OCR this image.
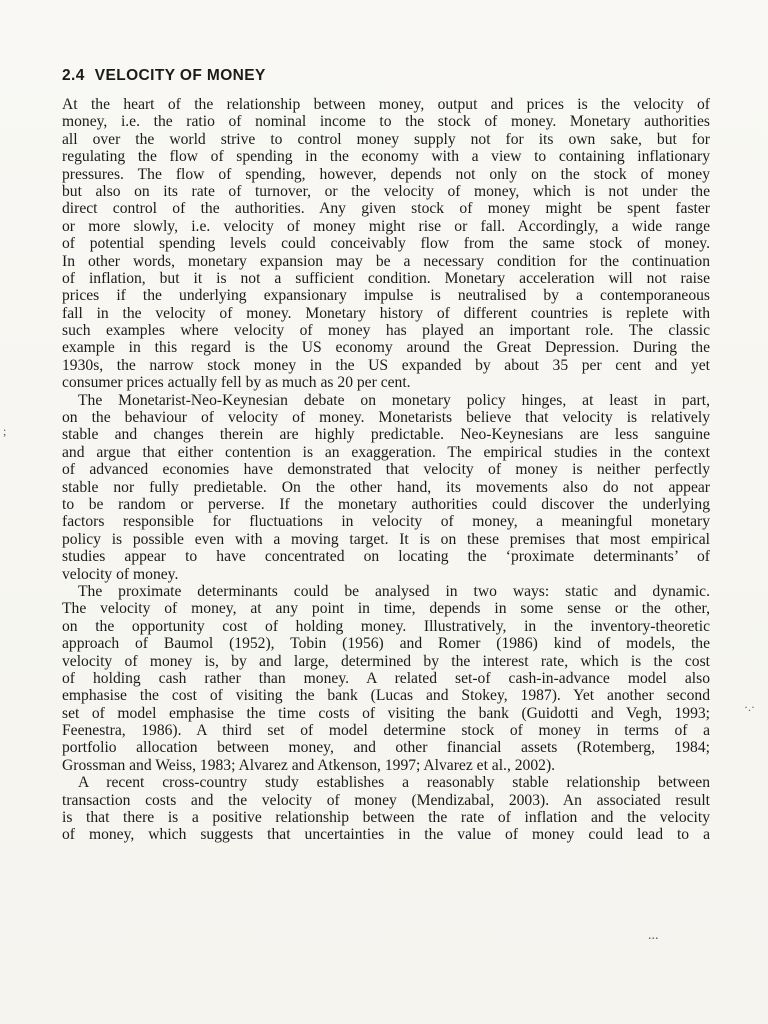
2.4 VELOCITY OF MONEY
At the heart of the relationship between money, output and prices is the velocity of
money, i.e. the ratio of nominal income to the stock of money. Monetary authorities
all over the world strive to control money supply not for its own sake, but for
regulating the flow of spending in the economy with a view to containing inflationary
pressures. The flow of spending, however, depends not only on the stock of money
but also on its rate of turnover, or the velocity of money, which is not under the
direct control of the authorities. Any given stock of money might be spent faster
or more slowly, i.e. velocity of money might rise or fall. Accordingly, a wide range
of potential spending levels could conceivably flow from the same stock of money.
In other words, monetary expansion may be a necessary condition for the continuation
of inflation, but it is not a sufficient condition. Monetary acceleration will not raise
prices if the underlying expansionary impulse is neutralised by a contemporaneous
fall in the velocity of money. Monetary history of different countries is replete with
such examples where velocity of money has played an important role. The classic
example in this regard is the US economy around the Great Depression. During the
1930s, the narrow stock money in the US expanded by about 35 per cent and yet
consumer prices actually fell by as much as 20 per cent.
The Monetarist-Neo-Keynesian debate on monetary policy hinges, at least in part,
on the behaviour of velocity of money. Monetarists believe that velocity is relatively
stable and changes therein are highly predictable. Neo-Keynesians are less sanguine
and argue that either contention is an exaggeration. The empirical studies in the context
of advanced economies have demonstrated that velocity of money is neither perfectly
stable nor fully predietable. On the other hand, its movements also do not appear
to be random or perverse. If the monetary authorities could discover the underlying
factors responsible for fluctuations in velocity of money, a meaningful monetary
policy is possible even with a moving target. It is on these premises that most empirical
studies appear to have concentrated on locating the ‘proximate determinants’ of
velocity of money.
The proximate determinants could be analysed in two ways: static and dynamic.
The velocity of money, at any point in time, depends in some sense or the other,
on the opportunity cost of holding money. Illustratively, in the inventory-theoretic
approach of Baumol (1952), Tobin (1956) and Romer (1986) kind of models, the
velocity of money is, by and large, determined by the interest rate, which is the cost
of holding cash rather than money. A related set-of cash-in-advance model also
emphasise the cost of visiting the bank (Lucas and Stokey, 1987). Yet another second
set of model emphasise the time costs of visiting the bank (Guidotti and Vegh, 1993;
Feenestra, 1986). A third set of model determine stock of money in terms of a
portfolio allocation between money, and other financial assets (Rotemberg, 1984;
Grossman and Weiss, 1983; Alvarez and Atkenson, 1997; Alvarez et al., 2002).
A recent cross-country study establishes a reasonably stable relationship between
transaction costs and the velocity of money (Mendizabal, 2003). An associated result
is that there is a positive relationship between the rate of inflation and the velocity
of money, which suggests that uncertainties in the value of money could lead to a
;
·.·
...
